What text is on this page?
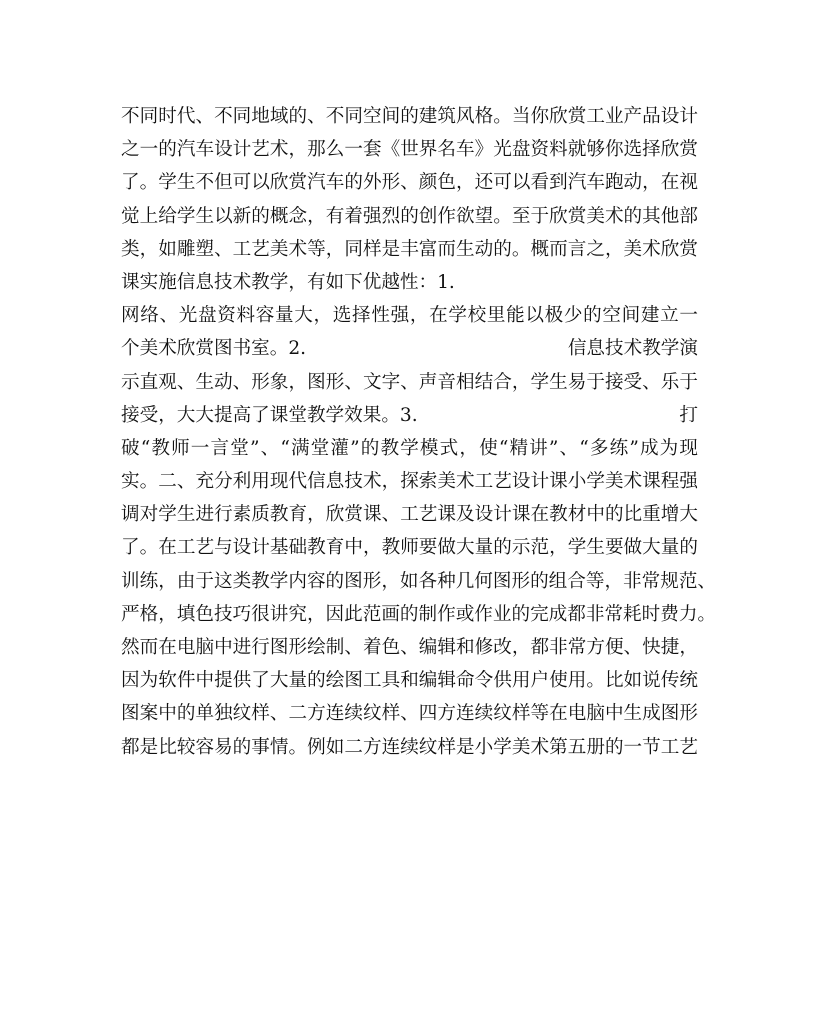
不同时代、不同地域的、不同空间的建筑风格。当你欣赏工业产品设计
之一的汽车设计艺术，那么一套《世界名车》光盘资料就够你选择欣赏
了。学生不但可以欣赏汽车的外形、颜色，还可以看到汽车跑动，在视
觉上给学生以新的概念，有着强烈的创作欲望。至于欣赏美术的其他部
类，如雕塑、工艺美术等，同样是丰富而生动的。概而言之，美术欣赏
课实施信息技术教学，有如下优越性：1.
网络、光盘资料容量大，选择性强，在学校里能以极少的空间建立一
个美术欣赏图书室。2.	信息技术教学演
示直观、生动、形象，图形、文字、声音相结合，学生易于接受、乐于
接受，大大提高了课堂教学效果。3.	打
破“教师一言堂”、“满堂灌”的教学模式，使“精讲”、“多练”成为现
实。二、充分利用现代信息技术，探索美术工艺设计课小学美术课程强
调对学生进行素质教育，欣赏课、工艺课及设计课在教材中的比重增大
了。在工艺与设计基础教育中，教师要做大量的示范，学生要做大量的
训练，由于这类教学内容的图形，如各种几何图形的组合等，非常规范、
严格，填色技巧很讲究，因此范画的制作或作业的完成都非常耗时费力。
然而在电脑中进行图形绘制、着色、编辑和修改，都非常方便、快捷，
因为软件中提供了大量的绘图工具和编辑命令供用户使用。比如说传统
图案中的单独纹样、二方连续纹样、四方连续纹样等在电脑中生成图形
都是比较容易的事情。例如二方连续纹样是小学美术第五册的一节工艺
